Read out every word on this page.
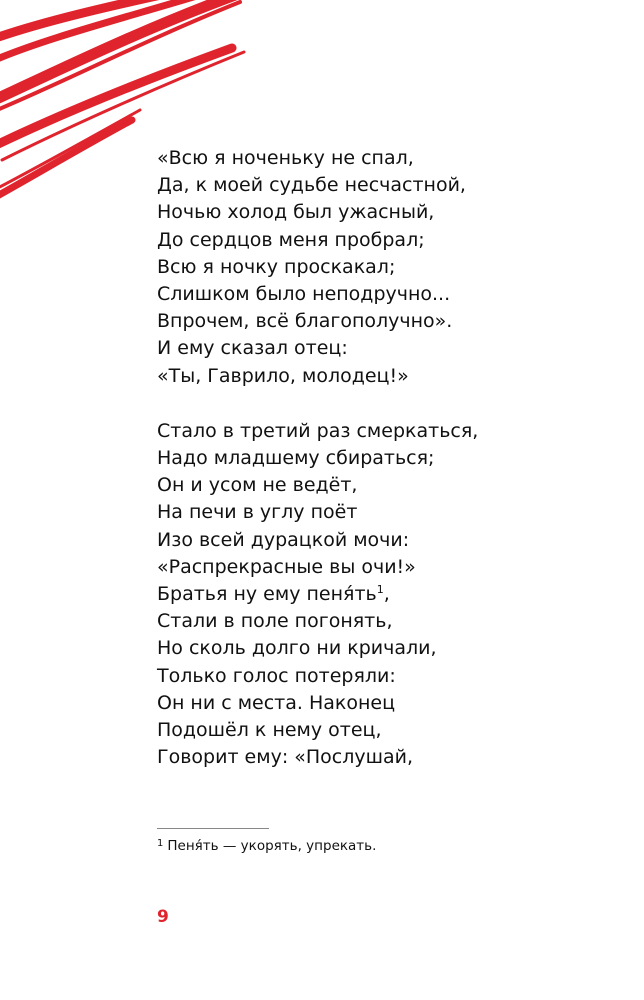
«Всю я ноченьку не спал,
Да, к моей судьбе несчастной,
Ночью холод был ужасный,
До сердцов меня пробрал;
Всю я ночку проскакал;
Слишком было неподручно...
Впрочем, всё благополучно».
И ему сказал отец:
«Ты, Гаврило, молодец!»
Стало в третий раз смеркаться,
Надо младшему сбираться;
Он и усом не ведёт,
На печи в углу поёт
Изо всей дурацкой мочи:
«Распрекрасные вы очи!»
Братья ну ему $пеня́ть^1$,
Стали в поле погонять,
Но сколь долго ни кричали,
Только голос потеряли:
Он ни с места. Наконец
Подошёл к нему отец,
Говорит ему: «Послушай,
$^1$ Пеня́ть — укорять, упрекать.
9
